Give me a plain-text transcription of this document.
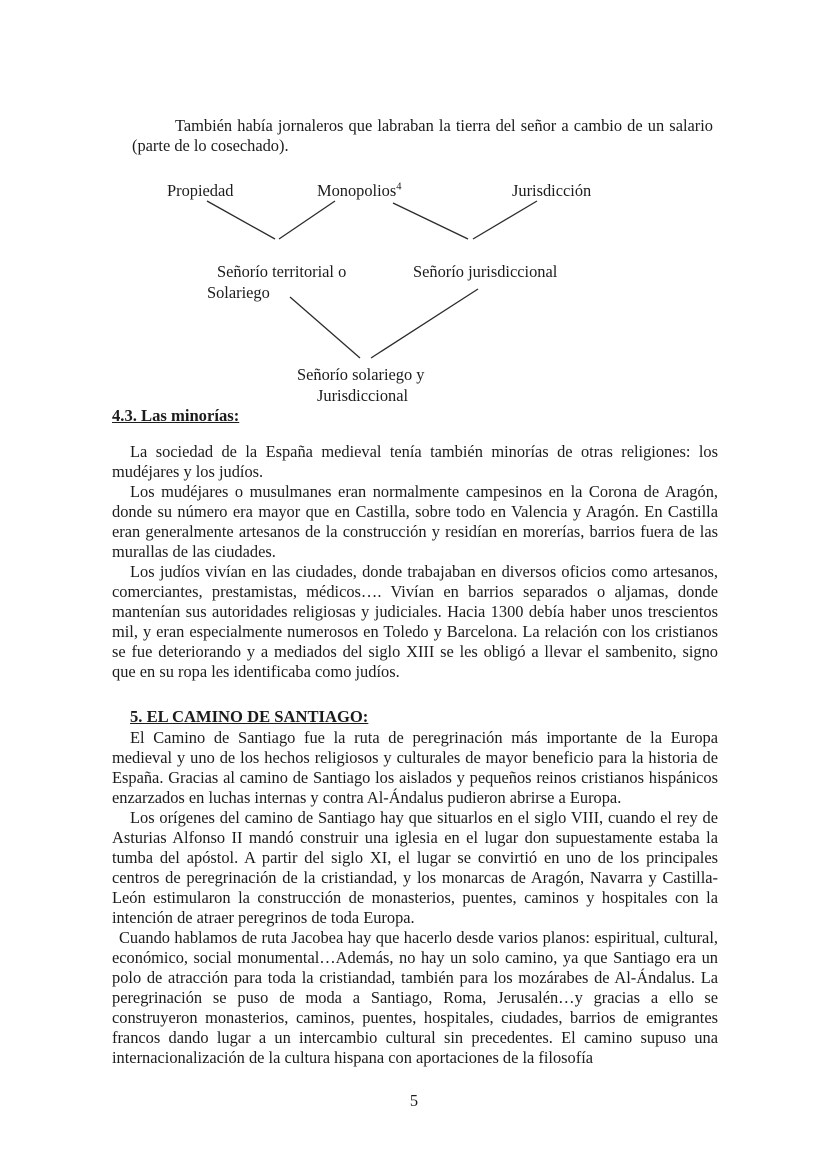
También había jornaleros que labraban la tierra del señor a cambio de un salario (parte de lo cosechado).
Propiedad	Monopolios$^4$	Jurisdicción
Señorío territorial o
Solariego
Señorío jurisdiccional
Señorío solariego y
Jurisdiccional
4.3. Las minorías:

La sociedad de la España medieval tenía también minorías de otras religiones: los mudéjares y los judíos.

Los mudéjares o musulmanes eran normalmente campesinos en la Corona de Aragón, donde su número era mayor que en Castilla, sobre todo en Valencia y Aragón. En Castilla eran generalmente artesanos de la construcción y residían en morerías, barrios fuera de las murallas de las ciudades.

Los judíos vivían en las ciudades, donde trabajaban en diversos oficios como artesanos, comerciantes, prestamistas, médicos…. Vivían en barrios separados o aljamas, donde mantenían sus autoridades religiosas y judiciales. Hacia 1300 debía haber unos trescientos mil, y eran especialmente numerosos en Toledo y Barcelona. La relación con los cristianos se fue deteriorando y a mediados del siglo XIII se les obligó a llevar el sambenito, signo que en su ropa les identificaba como judíos.

5. EL CAMINO DE SANTIAGO:

El Camino de Santiago fue la ruta de peregrinación más importante de la Europa medieval y uno de los hechos religiosos y culturales de mayor beneficio para la historia de España. Gracias al camino de Santiago los aislados y pequeños reinos cristianos hispánicos enzarzados en luchas internas y contra Al-Ándalus pudieron abrirse a Europa.

Los orígenes del camino de Santiago hay que situarlos en el siglo VIII, cuando el rey de Asturias Alfonso II mandó construir una iglesia en el lugar don supuestamente estaba la tumba del apóstol. A partir del siglo XI, el lugar se convirtió en uno de los principales centros de peregrinación de la cristiandad, y los monarcas de Aragón, Navarra y Castilla-León estimularon la construcción de monasterios, puentes, caminos y hospitales con la intención de atraer peregrinos de toda Europa.

Cuando hablamos de ruta Jacobea hay que hacerlo desde varios planos: espiritual, cultural, económico, social monumental…Además, no hay un solo camino, ya que Santiago era un polo de atracción para toda la cristiandad, también para los mozárabes de Al-Ándalus. La peregrinación se puso de moda a Santiago, Roma, Jerusalén…y gracias a ello se construyeron monasterios, caminos, puentes, hospitales, ciudades, barrios de emigrantes francos dando lugar a un intercambio cultural sin precedentes. El camino supuso una internacionalización de la cultura hispana con aportaciones de la filosofía

5
